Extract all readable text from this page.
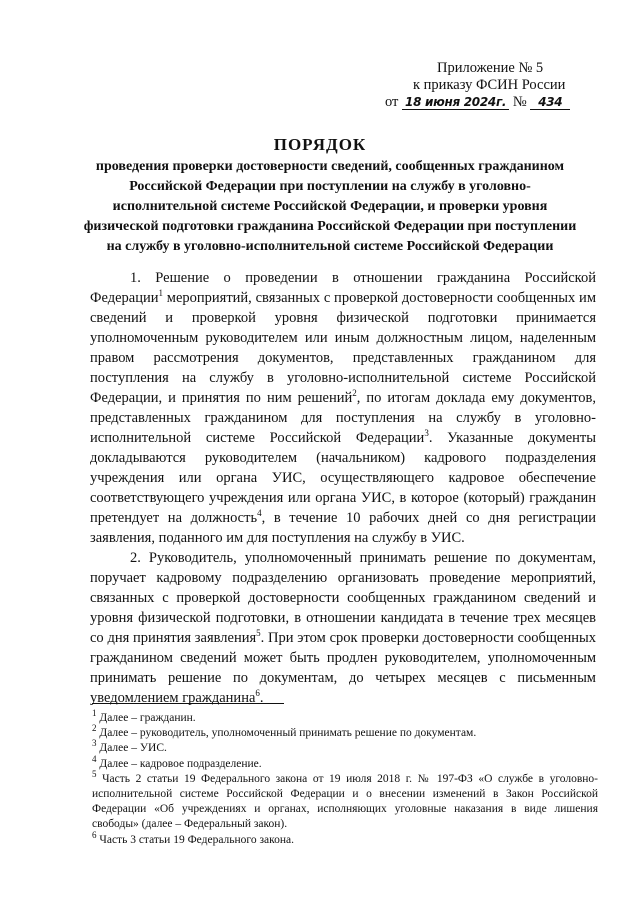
Приложение № 5
к приказу ФСИН России
от 18 июня 2024г. № 434
ПОРЯДОК
проведения проверки достоверности сведений, сообщенных гражданином Российской Федерации при поступлении на службу в уголовно-исполнительной системе Российской Федерации, и проверки уровня физической подготовки гражданина Российской Федерации при поступлении на службу в уголовно-исполнительной системе Российской Федерации

1. Решение о проведении в отношении гражданина Российской Федерации$^1$ мероприятий, связанных с проверкой достоверности сообщенных им сведений и проверкой уровня физической подготовки принимается уполномоченным руководителем или иным должностным лицом, наделенным правом рассмотрения документов, представленных гражданином для поступления на службу в уголовно-исполнительной системе Российской Федерации, и принятия по ним решений$^2$, по итогам доклада ему документов, представленных гражданином для поступления на службу в уголовно-исполнительной системе Российской Федерации$^3$. Указанные документы докладываются руководителем (начальником) кадрового подразделения учреждения или органа УИС, осуществляющего кадровое обеспечение соответствующего учреждения или органа УИС, в которое (который) гражданин претендует на должность$^4$, в течение 10 рабочих дней со дня регистрации заявления, поданного им для поступления на службу в УИС.

2. Руководитель, уполномоченный принимать решение по документам, поручает кадровому подразделению организовать проведение мероприятий, связанных с проверкой достоверности сообщенных гражданином сведений и уровня физической подготовки, в отношении кандидата в течение трех месяцев со дня принятия заявления$^5$. При этом срок проверки достоверности сообщенных гражданином сведений может быть продлен руководителем, уполномоченным принимать решение по документам, до четырех месяцев с письменным уведомлением гражданина$^6$.

$^1$ Далее – гражданин.

$^2$ Далее – руководитель, уполномоченный принимать решение по документам.

$^3$ Далее – УИС.

$^4$ Далее – кадровое подразделение.

$^5$ Часть 2 статьи 19 Федерального закона от 19 июля 2018 г. № 197-ФЗ «О службе в уголовно-исполнительной системе Российской Федерации и о внесении изменений в Закон Российской Федерации «Об учреждениях и органах, исполняющих уголовные наказания в виде лишения свободы» (далее – Федеральный закон).

$^6$ Часть 3 статьи 19 Федерального закона.
